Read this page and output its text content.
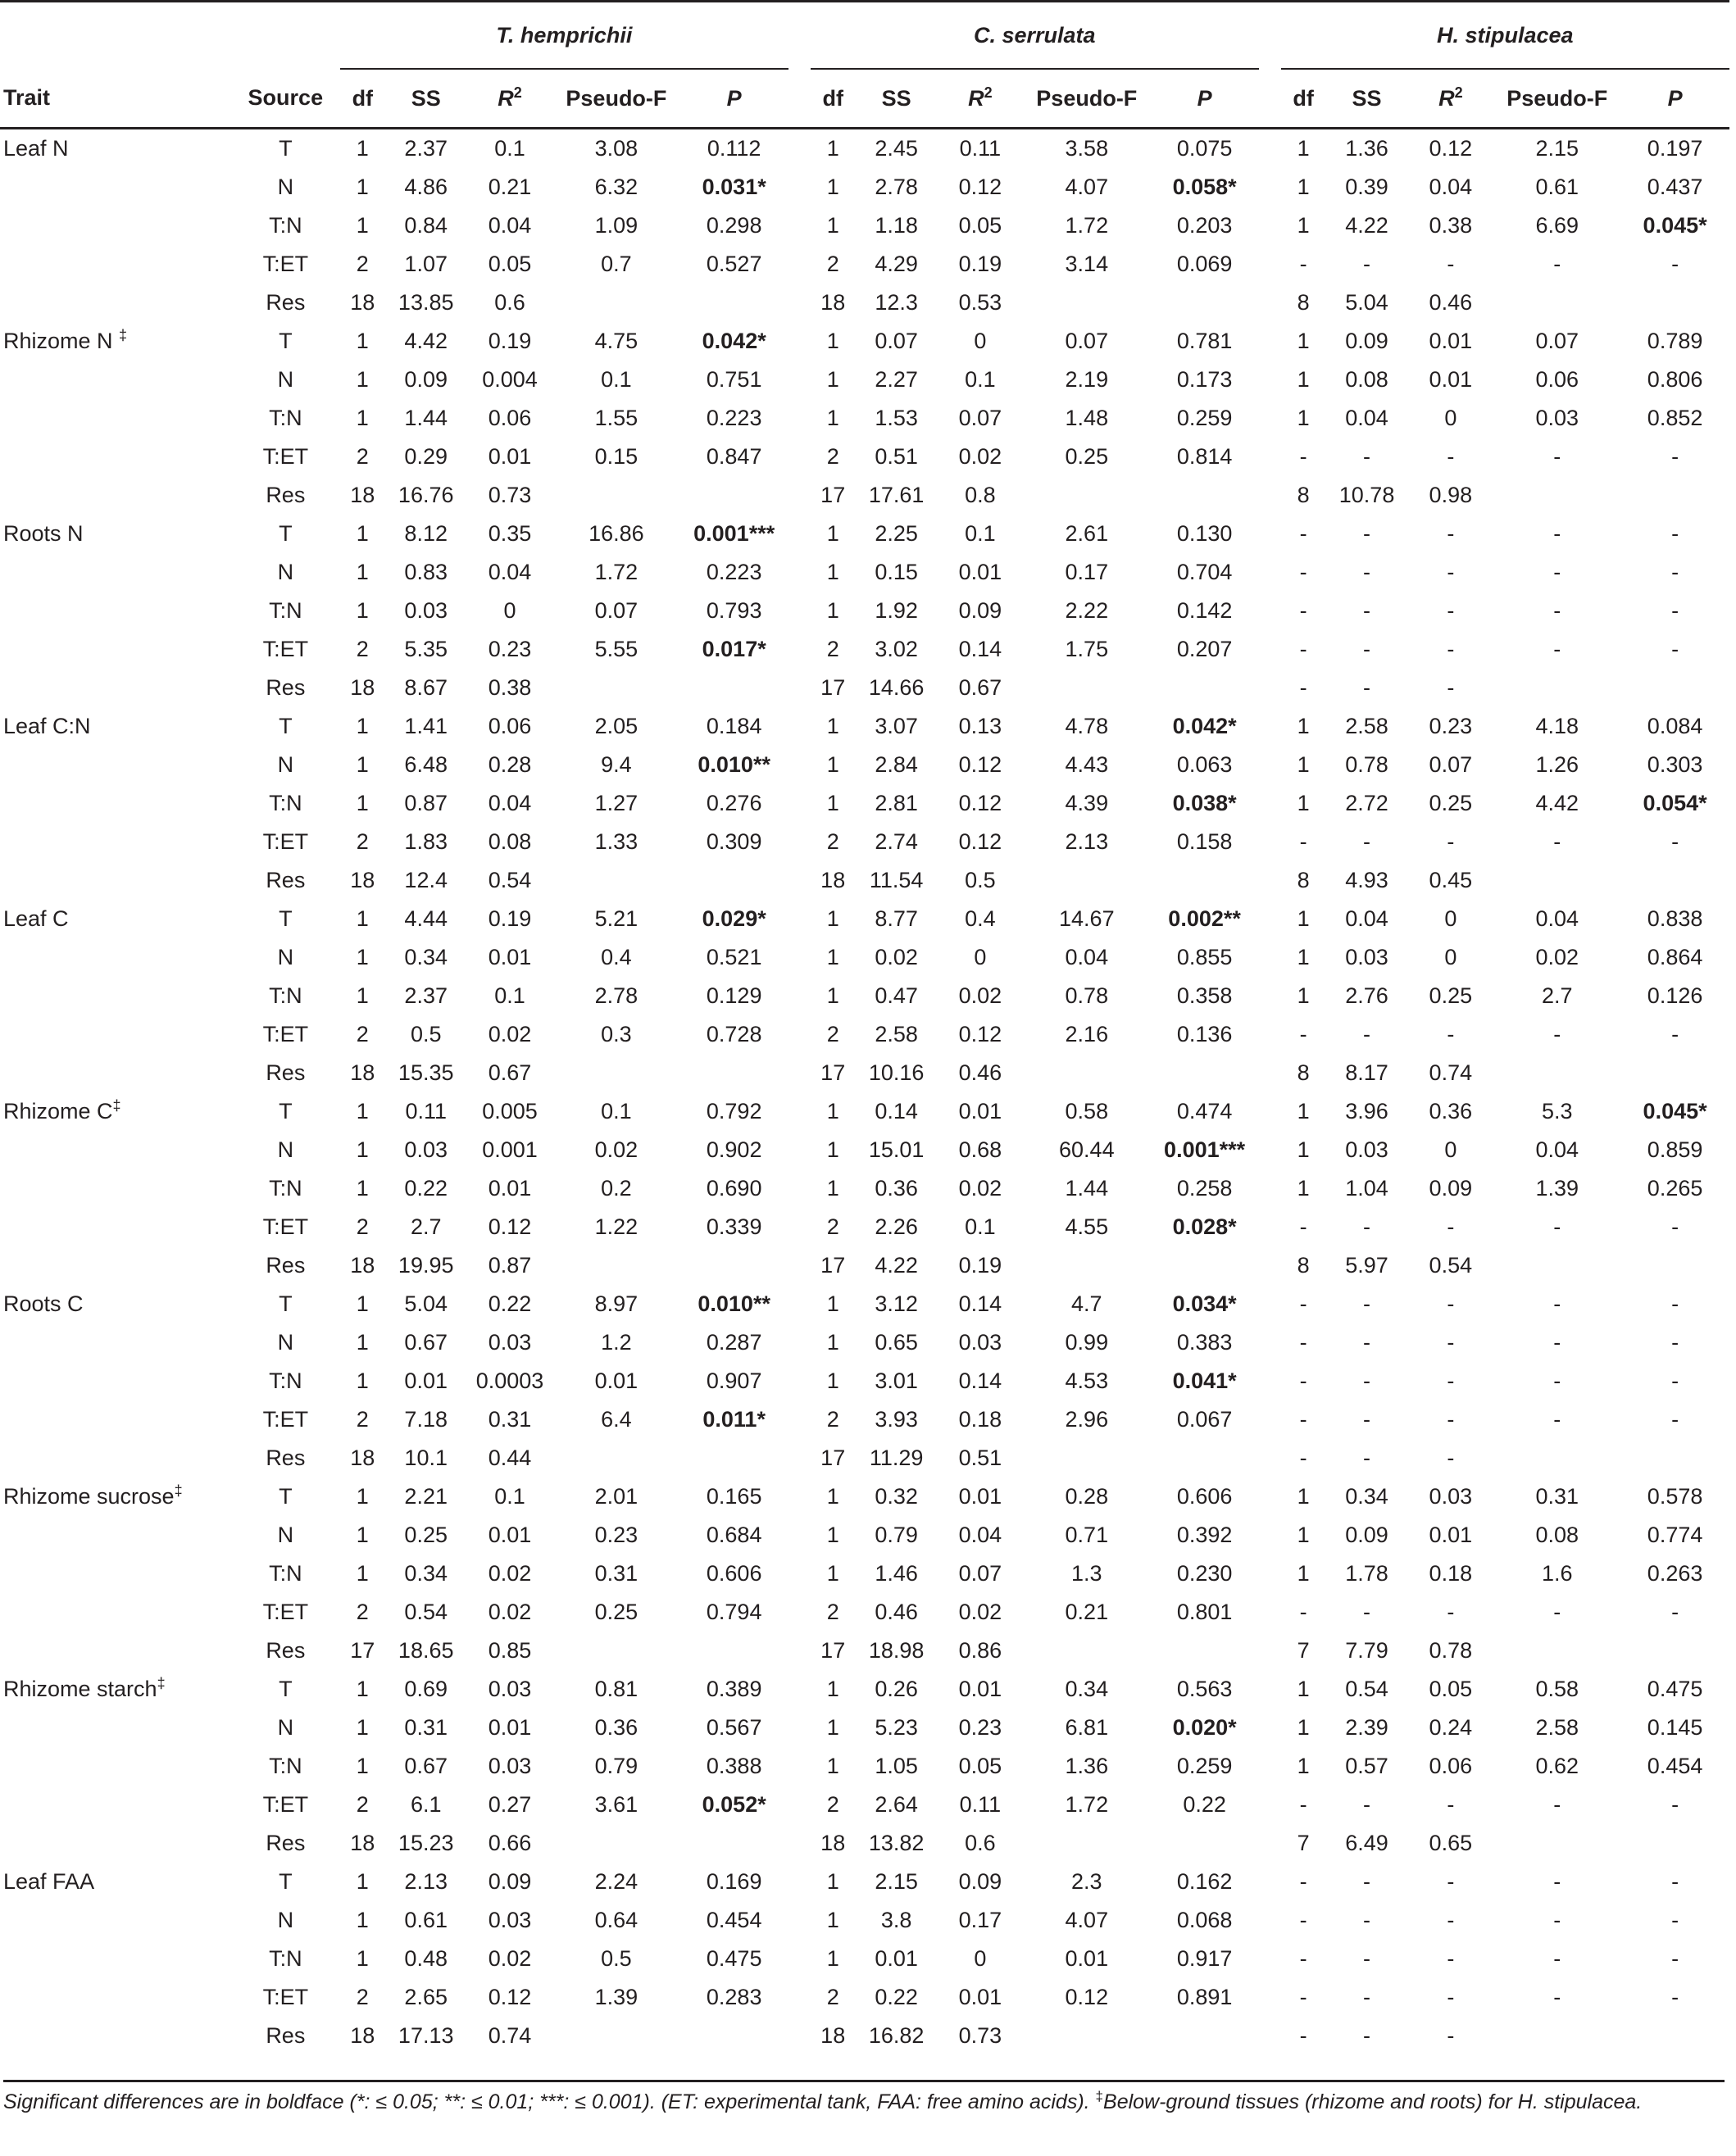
		T. hemprichii						C. serrulata						H. stipulacea				
Trait	Source	df	SS	$R^2$	Pseudo-F	P		df	SS	$R^2$	Pseudo-F	P		df	SS	$R^2$	Pseudo-F	P
Leaf N	T	1	2.37	0.1	3.08	0.112		1	2.45	0.11	3.58	0.075		1	1.36	0.12	2.15	0.197
	N	1	4.86	0.21	6.32	0.031*		1	2.78	0.12	4.07	0.058*		1	0.39	0.04	0.61	0.437
	T:N	1	0.84	0.04	1.09	0.298		1	1.18	0.05	1.72	0.203		1	4.22	0.38	6.69	0.045*
	T:ET	2	1.07	0.05	0.7	0.527		2	4.29	0.19	3.14	0.069		-	-	-	-	-
	Res	18	13.85	0.6				18	12.3	0.53				8	5.04	0.46		
Rhizome N ‡	T	1	4.42	0.19	4.75	0.042*		1	0.07	0	0.07	0.781		1	0.09	0.01	0.07	0.789
	N	1	0.09	0.004	0.1	0.751		1	2.27	0.1	2.19	0.173		1	0.08	0.01	0.06	0.806
	T:N	1	1.44	0.06	1.55	0.223		1	1.53	0.07	1.48	0.259		1	0.04	0	0.03	0.852
	T:ET	2	0.29	0.01	0.15	0.847		2	0.51	0.02	0.25	0.814		-	-	-	-	-
	Res	18	16.76	0.73				17	17.61	0.8				8	10.78	0.98		
Roots N	T	1	8.12	0.35	16.86	0.001***		1	2.25	0.1	2.61	0.130		-	-	-	-	-
	N	1	0.83	0.04	1.72	0.223		1	0.15	0.01	0.17	0.704		-	-	-	-	-
	T:N	1	0.03	0	0.07	0.793		1	1.92	0.09	2.22	0.142		-	-	-	-	-
	T:ET	2	5.35	0.23	5.55	0.017*		2	3.02	0.14	1.75	0.207		-	-	-	-	-
	Res	18	8.67	0.38				17	14.66	0.67				-	-	-		
Leaf C:N	T	1	1.41	0.06	2.05	0.184		1	3.07	0.13	4.78	0.042*		1	2.58	0.23	4.18	0.084
	N	1	6.48	0.28	9.4	0.010**		1	2.84	0.12	4.43	0.063		1	0.78	0.07	1.26	0.303
	T:N	1	0.87	0.04	1.27	0.276		1	2.81	0.12	4.39	0.038*		1	2.72	0.25	4.42	0.054*
	T:ET	2	1.83	0.08	1.33	0.309		2	2.74	0.12	2.13	0.158		-	-	-	-	-
	Res	18	12.4	0.54				18	11.54	0.5				8	4.93	0.45		
Leaf C	T	1	4.44	0.19	5.21	0.029*		1	8.77	0.4	14.67	0.002**		1	0.04	0	0.04	0.838
	N	1	0.34	0.01	0.4	0.521		1	0.02	0	0.04	0.855		1	0.03	0	0.02	0.864
	T:N	1	2.37	0.1	2.78	0.129		1	0.47	0.02	0.78	0.358		1	2.76	0.25	2.7	0.126
	T:ET	2	0.5	0.02	0.3	0.728		2	2.58	0.12	2.16	0.136		-	-	-	-	-
	Res	18	15.35	0.67				17	10.16	0.46				8	8.17	0.74		
Rhizome C‡	T	1	0.11	0.005	0.1	0.792		1	0.14	0.01	0.58	0.474		1	3.96	0.36	5.3	0.045*
	N	1	0.03	0.001	0.02	0.902		1	15.01	0.68	60.44	0.001***		1	0.03	0	0.04	0.859
	T:N	1	0.22	0.01	0.2	0.690		1	0.36	0.02	1.44	0.258		1	1.04	0.09	1.39	0.265
	T:ET	2	2.7	0.12	1.22	0.339		2	2.26	0.1	4.55	0.028*		-	-	-	-	-
	Res	18	19.95	0.87				17	4.22	0.19				8	5.97	0.54		
Roots C	T	1	5.04	0.22	8.97	0.010**		1	3.12	0.14	4.7	0.034*		-	-	-	-	-
	N	1	0.67	0.03	1.2	0.287		1	0.65	0.03	0.99	0.383		-	-	-	-	-
	T:N	1	0.01	0.0003	0.01	0.907		1	3.01	0.14	4.53	0.041*		-	-	-	-	-
	T:ET	2	7.18	0.31	6.4	0.011*		2	3.93	0.18	2.96	0.067		-	-	-	-	-
	Res	18	10.1	0.44				17	11.29	0.51				-	-	-		
Rhizome sucrose‡	T	1	2.21	0.1	2.01	0.165		1	0.32	0.01	0.28	0.606		1	0.34	0.03	0.31	0.578
	N	1	0.25	0.01	0.23	0.684		1	0.79	0.04	0.71	0.392		1	0.09	0.01	0.08	0.774
	T:N	1	0.34	0.02	0.31	0.606		1	1.46	0.07	1.3	0.230		1	1.78	0.18	1.6	0.263
	T:ET	2	0.54	0.02	0.25	0.794		2	0.46	0.02	0.21	0.801		-	-	-	-	-
	Res	17	18.65	0.85				17	18.98	0.86				7	7.79	0.78		
Rhizome starch‡	T	1	0.69	0.03	0.81	0.389		1	0.26	0.01	0.34	0.563		1	0.54	0.05	0.58	0.475
	N	1	0.31	0.01	0.36	0.567		1	5.23	0.23	6.81	0.020*		1	2.39	0.24	2.58	0.145
	T:N	1	0.67	0.03	0.79	0.388		1	1.05	0.05	1.36	0.259		1	0.57	0.06	0.62	0.454
	T:ET	2	6.1	0.27	3.61	0.052*		2	2.64	0.11	1.72	0.22		-	-	-	-	-
	Res	18	15.23	0.66				18	13.82	0.6				7	6.49	0.65		
Leaf FAA	T	1	2.13	0.09	2.24	0.169		1	2.15	0.09	2.3	0.162		-	-	-	-	-
	N	1	0.61	0.03	0.64	0.454		1	3.8	0.17	4.07	0.068		-	-	-	-	-
	T:N	1	0.48	0.02	0.5	0.475		1	0.01	0	0.01	0.917		-	-	-	-	-
	T:ET	2	2.65	0.12	1.39	0.283		2	0.22	0.01	0.12	0.891		-	-	-	-	-
	Res	18	17.13	0.74				18	16.82	0.73				-	-	-		
Significant differences are in boldface (*: ≤ 0.05; **: ≤ 0.01; ***: ≤ 0.001). (ET: experimental tank, FAA: free amino acids). ‡Below-ground tissues (rhizome and roots) for H. stipulacea.
